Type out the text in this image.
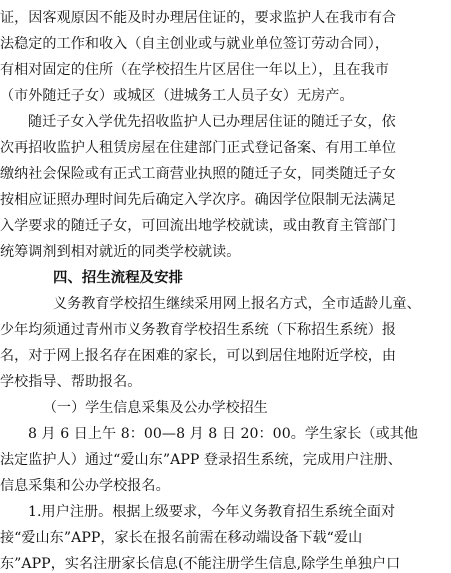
证，因客观原因不能及时办理居住证的，要求监护人在我市有合
法稳定的工作和收入（自主创业或与就业单位签订劳动合同），
有相对固定的住所（在学校招生片区居住一年以上），且在我市
（市外随迁子女）或城区（进城务工人员子女）无房产。
随迁子女入学优先招收监护人已办理居住证的随迁子女，依
次再招收监护人租赁房屋在住建部门正式登记备案、有用工单位
缴纳社会保险或有正式工商营业执照的随迁子女，同类随迁子女
按相应证照办理时间先后确定入学次序。确因学位限制无法满足
入学要求的随迁子女，可回流出地学校就读，或由教育主管部门
统筹调剂到相对就近的同类学校就读。
四、招生流程及安排
义务教育学校招生继续采用网上报名方式，全市适龄儿童、
少年均须通过青州市义务教育学校招生系统（下称招生系统）报
名，对于网上报名存在困难的家长，可以到居住地附近学校，由
学校指导、帮助报名。
（一）学生信息采集及公办学校招生
8 月 6 日上午 8：00—8 月 8 日 20：00。学生家长（或其他
法定监护人）通过“爱山东”APP 登录招生系统，完成用户注册、
信息采集和公办学校报名。
1.用户注册。根据上级要求，今年义务教育招生系统全面对
接“爱山东”APP，家长在报名前需在移动端设备下载“爱山
东”APP，实名注册家长信息(不能注册学生信息,除学生单独户口
